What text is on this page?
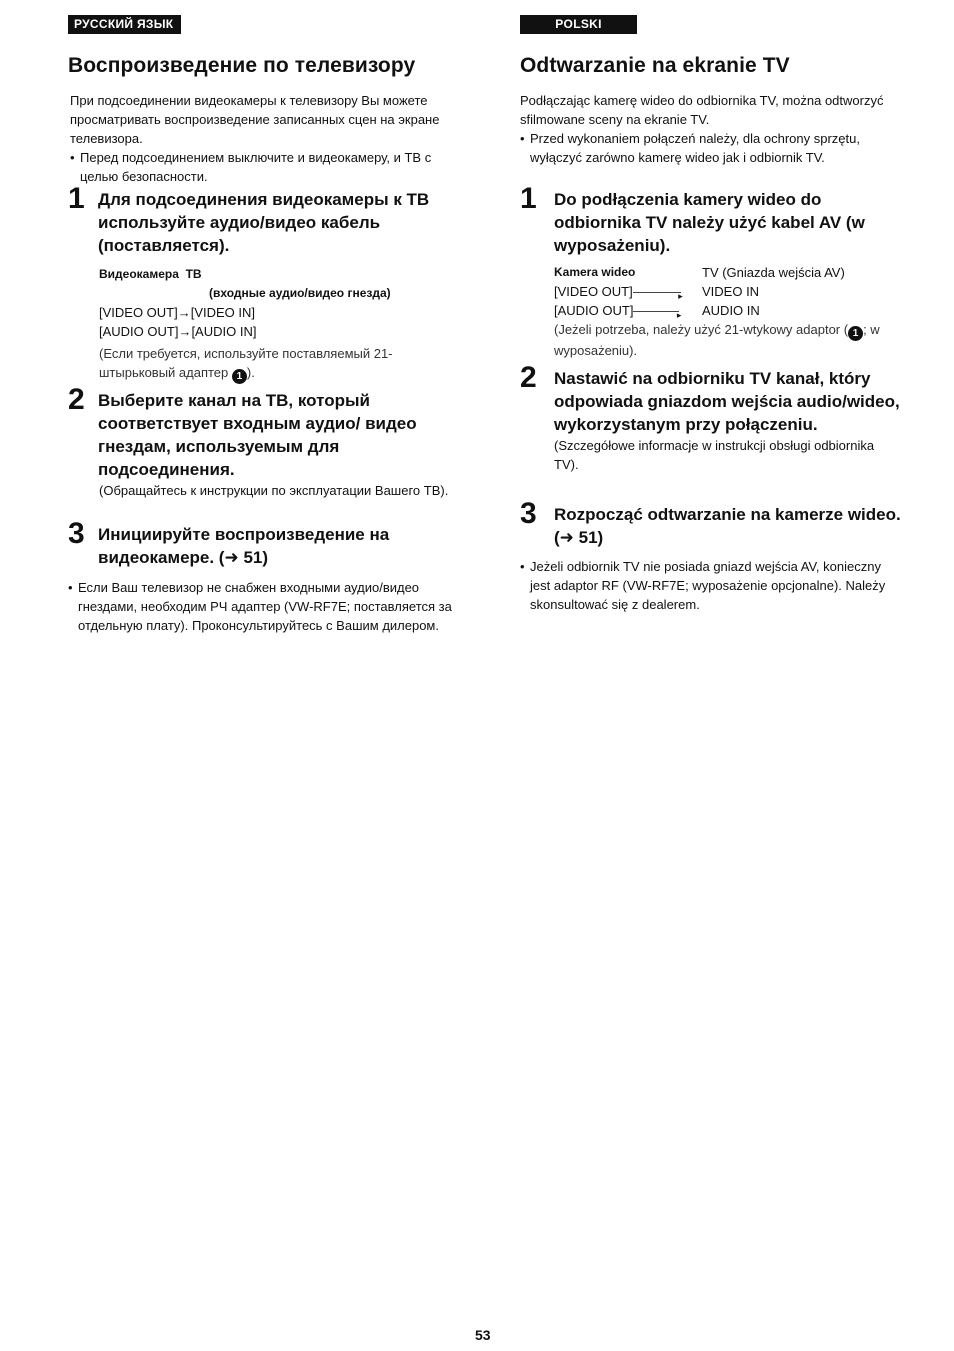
РУССКИЙ ЯЗЫК
Воспроизведение по телевизору

При подсоединении видеокамеры к телевизору Вы можете просматривать воспроизведение записанных сцен на экране телевизора.

• Перед подсоединением выключите и видеокамеру, и ТВ с целью безопасности.

1 Для подсоединения видеокамеры к ТВ используйте аудио/видео кабель (поставляется).

Видеокамера ТВ

(входные аудио/видео гнезда)

[VIDEO OUT]→[VIDEO IN]

[AUDIO OUT]→[AUDIO IN]

(Если требуется, используйте поставляемый 21-штырьковый адаптер 1 ).

2 Выберите канал на ТВ, который соответствует входным аудио/ видео гнездам, используемым для подсоединения.

(Обращайтесь к инструкции по эксплуатации Вашего ТВ).

3 Инициируйте воспроизведение на видеокамере. (➜ 51)

• Если Ваш телевизор не снабжен входными аудио/видео гнездами, необходим РЧ адаптер (VW-RF7E; поставляется за отдельную плату). Проконсультируйтесь с Вашим дилером.

POLSKI
Odtwarzanie na ekranie TV

Podłączając kamerę wideo do odbiornika TV, można odtworzyć sfilmowane sceny na ekranie TV.

• Przed wykonaniem połączeń należy, dla ochrony sprzętu, wyłączyć zarówno kamerę wideo jak i odbiornik TV.

1 Do podłączenia kamery wideo do odbiornika TV należy użyć kabel AV (w wyposażeniu).
Kamera wideo	TV (Gniazda wejścia AV)
[VIDEO OUT] ▸	VIDEO IN
[AUDIO OUT] ▸	AUDIO IN

(Jeżeli potrzeba, należy użyć 21-wtykowy adaptor ( 1 ; w wyposażeniu).

2 Nastawić na odbiorniku TV kanał, który odpowiada gniazdom wejścia audio/wideo, wykorzystanym przy połączeniu.

(Szczegółowe informacje w instrukcji obsługi odbiornika TV).

3 Rozpocząć odtwarzanie na kamerze wideo. (➜ 51)

• Jeżeli odbiornik TV nie posiada gniazd wejścia AV, konieczny jest adaptor RF (VW-RF7E; wyposażenie opcjonalne). Należy skonsultować się z dealerem.

53
